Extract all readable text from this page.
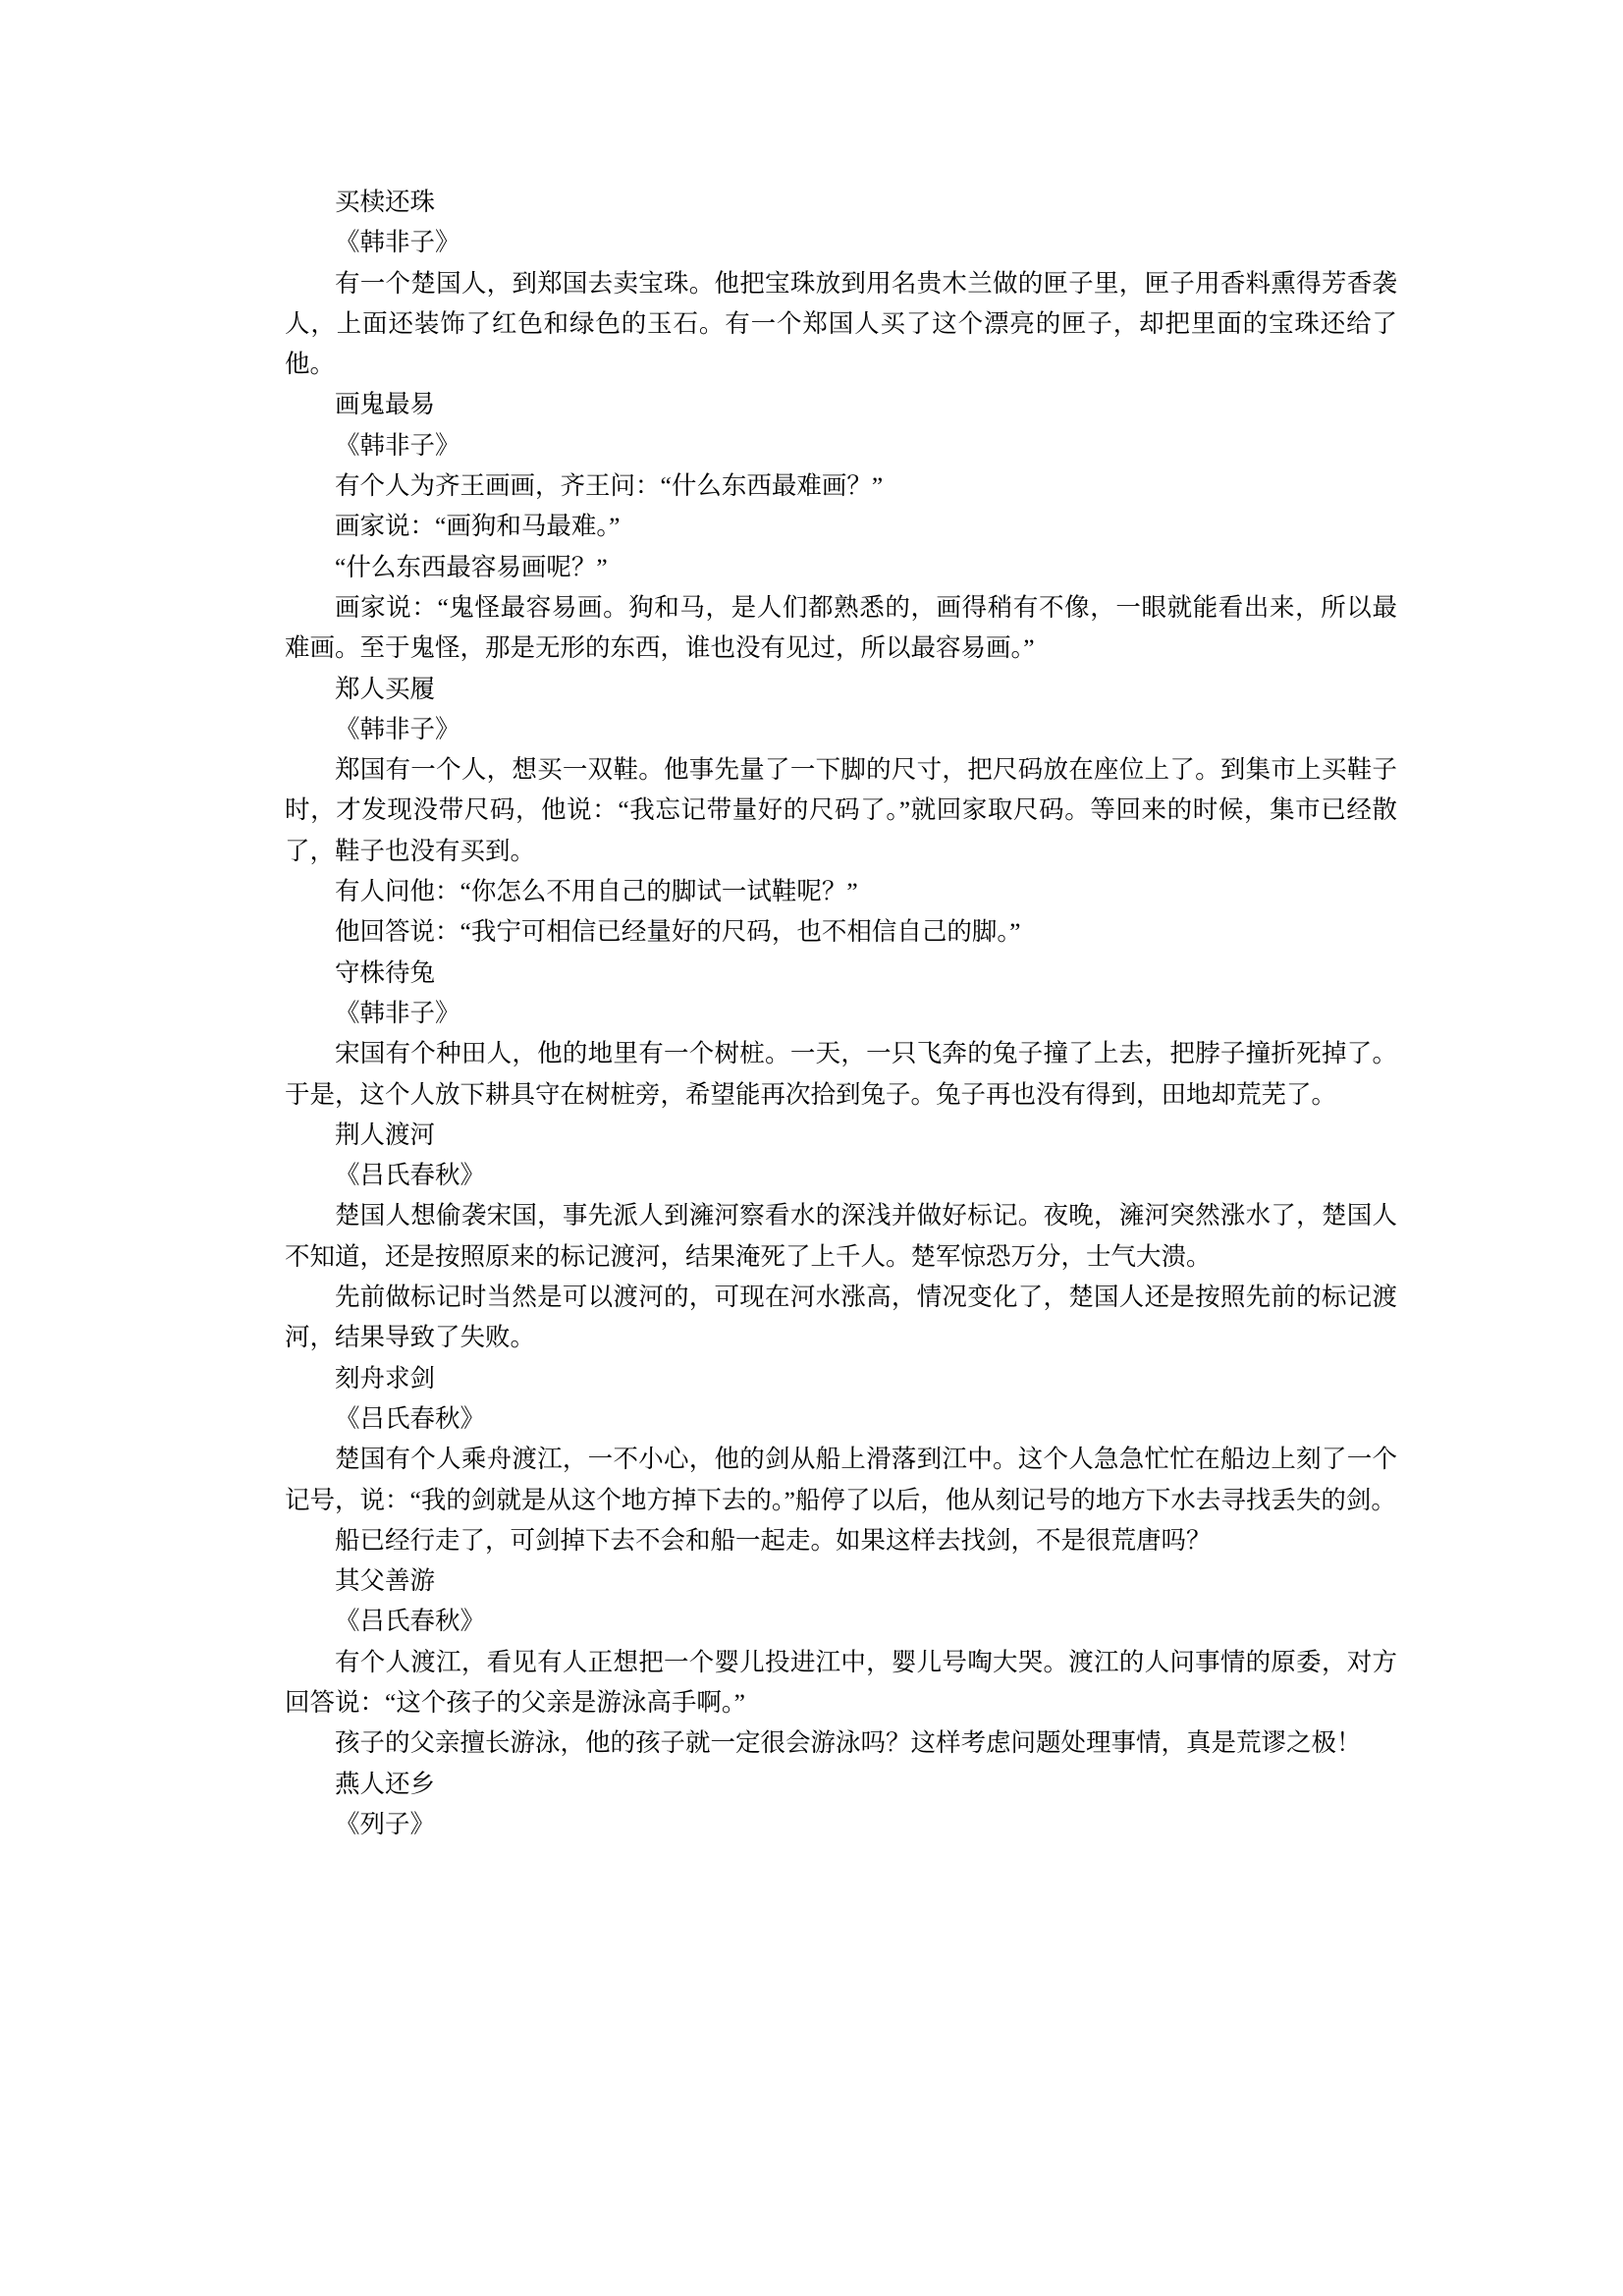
买椟还珠

《韩非子》

有一个楚国人，到郑国去卖宝珠。他把宝珠放到用名贵木兰做的匣子里，匣子用香料熏得芳香袭人，上面还装饰了红色和绿色的玉石。有一个郑国人买了这个漂亮的匣子，却把里面的宝珠还给了他。

画鬼最易

《韩非子》

有个人为齐王画画，齐王问：“什么东西最难画？”

画家说：“画狗和马最难。”

“什么东西最容易画呢？”

画家说：“鬼怪最容易画。狗和马，是人们都熟悉的，画得稍有不像，一眼就能看出来，所以最难画。至于鬼怪，那是无形的东西，谁也没有见过，所以最容易画。”

郑人买履

《韩非子》

郑国有一个人，想买一双鞋。他事先量了一下脚的尺寸，把尺码放在座位上了。到集市上买鞋子时，才发现没带尺码，他说：“我忘记带量好的尺码了。”就回家取尺码。等回来的时候，集市已经散了，鞋子也没有买到。

有人问他：“你怎么不用自己的脚试一试鞋呢？”

他回答说：“我宁可相信已经量好的尺码，也不相信自己的脚。”

守株待兔

《韩非子》

宋国有个种田人，他的地里有一个树桩。一天，一只飞奔的兔子撞了上去，把脖子撞折死掉了。于是，这个人放下耕具守在树桩旁，希望能再次拾到兔子。兔子再也没有得到，田地却荒芜了。

荆人渡河

《吕氏春秋》

楚国人想偷袭宋国，事先派人到澭河察看水的深浅并做好标记。夜晚，澭河突然涨水了，楚国人不知道，还是按照原来的标记渡河，结果淹死了上千人。楚军惊恐万分，士气大溃。

先前做标记时当然是可以渡河的，可现在河水涨高，情况变化了，楚国人还是按照先前的标记渡河，结果导致了失败。

刻舟求剑

《吕氏春秋》

楚国有个人乘舟渡江，一不小心，他的剑从船上滑落到江中。这个人急急忙忙在船边上刻了一个记号，说：“我的剑就是从这个地方掉下去的。”船停了以后，他从刻记号的地方下水去寻找丢失的剑。

船已经行走了，可剑掉下去不会和船一起走。如果这样去找剑，不是很荒唐吗？

其父善游

《吕氏春秋》

有个人渡江，看见有人正想把一个婴儿投进江中，婴儿号啕大哭。渡江的人问事情的原委，对方回答说：“这个孩子的父亲是游泳高手啊。”

孩子的父亲擅长游泳，他的孩子就一定很会游泳吗？这样考虑问题处理事情，真是荒谬之极！

燕人还乡

《列子》
